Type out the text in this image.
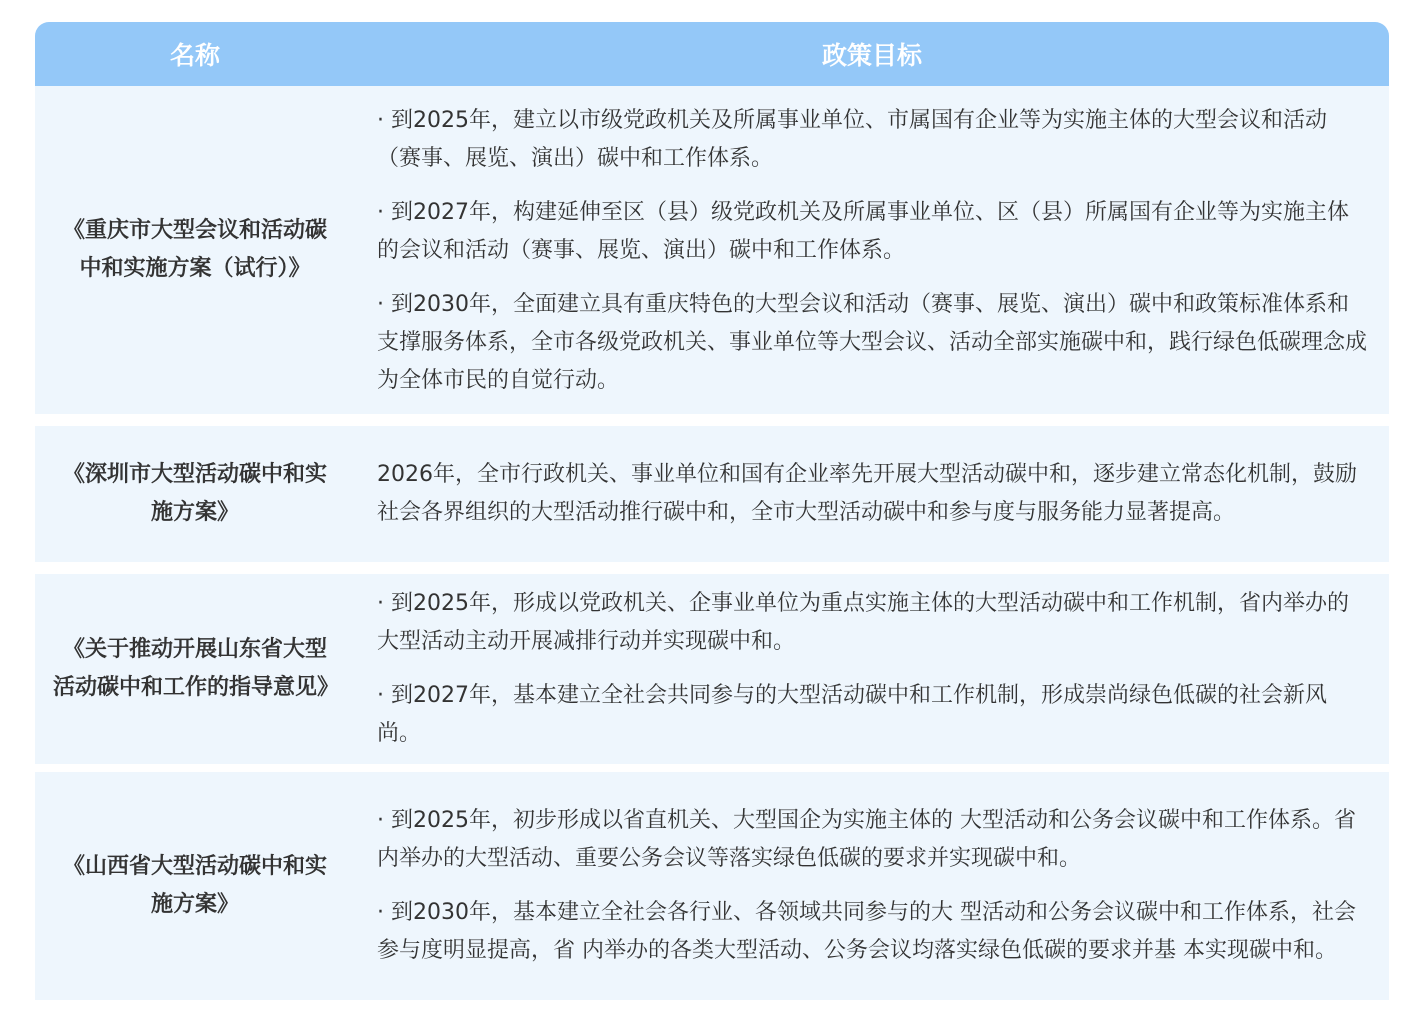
名称	政策目标
《重庆市大型会议和活动碳中和实施方案（试行）》

· 到2025年，建立以市级党政机关及所属事业单位、市属国有企业等为实施主体的大型会议和活动（赛事、展览、演出）碳中和工作体系。

· 到2027年，构建延伸至区（县）级党政机关及所属事业单位、区（县）所属国有企业等为实施主体的会议和活动（赛事、展览、演出）碳中和工作体系。

· 到2030年，全面建立具有重庆特色的大型会议和活动（赛事、展览、演出）碳中和政策标准体系和支撑服务体系，全市各级党政机关、事业单位等大型会议、活动全部实施碳中和，践行绿色低碳理念成为全体市民的自觉行动。

《深圳市大型活动碳中和实施方案》

2026年，全市行政机关、事业单位和国有企业率先开展大型活动碳中和，逐步建立常态化机制，鼓励社会各界组织的大型活动推行碳中和，全市大型活动碳中和参与度与服务能力显著提高。

《关于推动开展山东省大型活动碳中和工作的指导意见》

· 到2025年，形成以党政机关、企事业单位为重点实施主体的大型活动碳中和工作机制，省内举办的大型活动主动开展减排行动并实现碳中和。

· 到2027年，基本建立全社会共同参与的大型活动碳中和工作机制，形成崇尚绿色低碳的社会新风尚。

《山西省大型活动碳中和实施方案》

· 到2025年，初步形成以省直机关、大型国企为实施主体的 大型活动和公务会议碳中和工作体系。省内举办的大型活动、重要公务会议等落实绿色低碳的要求并实现碳中和。

· 到2030年，基本建立全社会各行业、各领域共同参与的大 型活动和公务会议碳中和工作体系，社会参与度明显提高，省 内举办的各类大型活动、公务会议均落实绿色低碳的要求并基 本实现碳中和。
